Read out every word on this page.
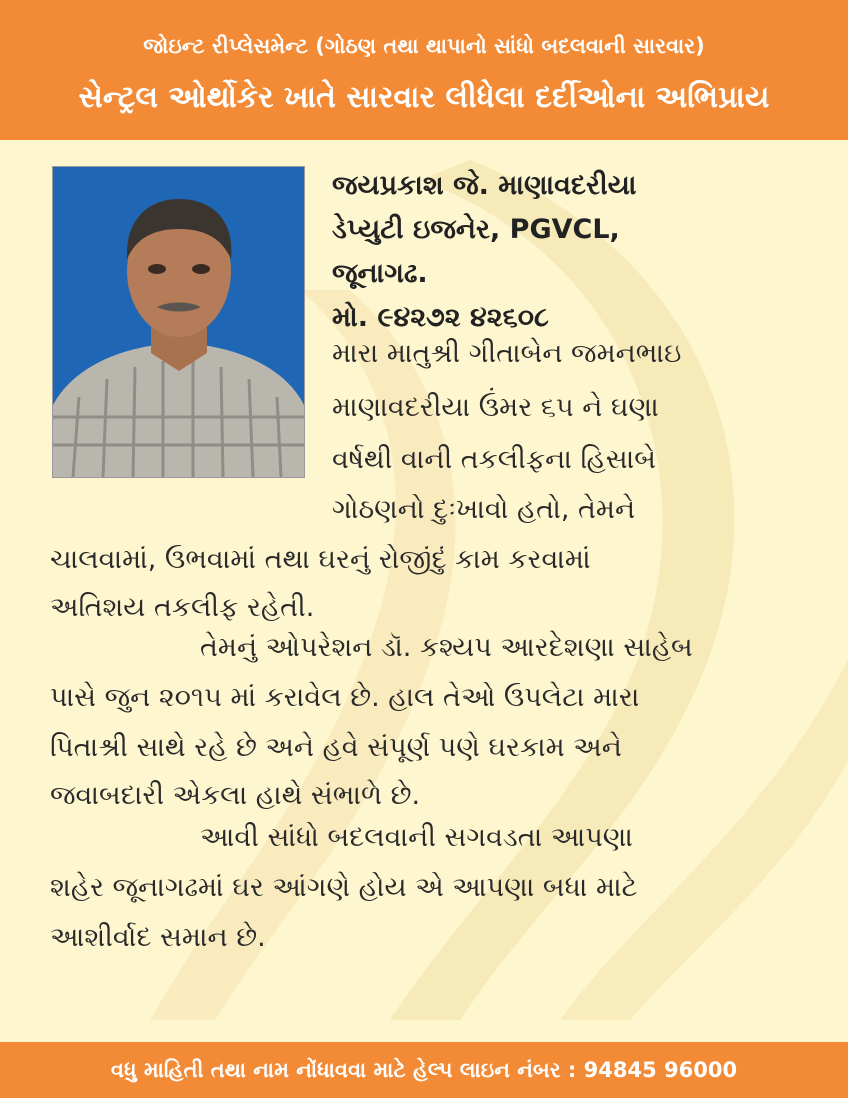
જોઇન્ટ રીપ્લેસમેન્ટ (ગોઠણ તથા થાપાનો સાંધો બદલવાની સારવાર)
સેન્ટ્રલ ઓર્થોકેર ખાતે સારવાર લીધેલા દર્દીઓના અભિપ્રાય
જયપ્રકાશ જે. માણાવદરીયા
ડેપ્યુટી ઇજનેર, PGVCL,
જૂનાગઢ.
મો. ૯૪૨૭૨ ૪૨૬૦૮
મારા માતુશ્રી ગીતાબેન જમનભાઇ
માણાવદરીયા ઉંમર ૬૫ ને ઘણા
વર્ષથી વાની તકલીફના હિસાબે
ગોઠણનો દુઃખાવો હતો, તેમને
ચાલવામાં, ઉભવામાં તથા ઘરનું રોજીંદું કામ કરવામાં
અતિશય તકલીફ રહેતી.
તેમનું ઓપરેશન ડૉ. કશ્યપ આરદેશણા સાહેબ
પાસે જુન ૨૦૧૫ માં કરાવેલ છે. હાલ તેઓ ઉપલેટા મારા
પિતાશ્રી સાથે રહે છે અને હવે સંપૂર્ણ પણે ઘરકામ અને
જવાબદારી એકલા હાથે સંભાળે છે.
આવી સાંધો બદલવાની સગવડતા આપણા
શહેર જૂનાગઢમાં ઘર આંગણે હોય એ આપણા બધા માટે
આશીર્વાદ સમાન છે.
વધુ માહિતી તથા નામ નોંધાવવા માટે હેલ્પ લાઇન નંબર : 94845 96000
